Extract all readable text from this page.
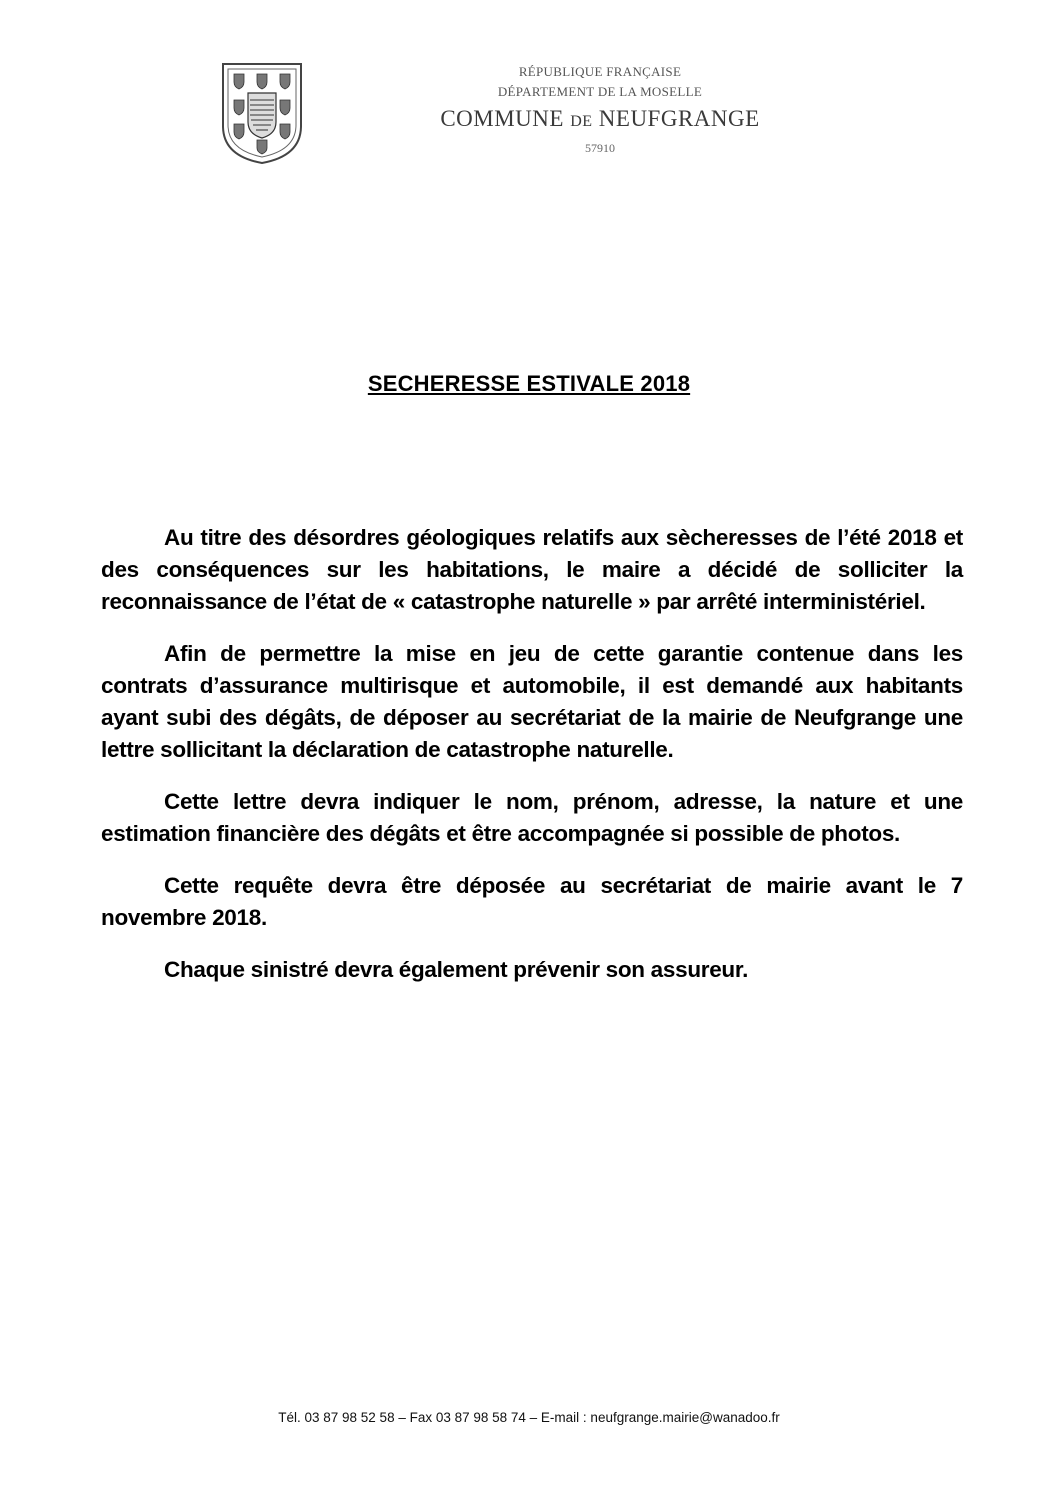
RÉPUBLIQUE FRANÇAISE
DÉPARTEMENT DE LA MOSELLE
COMMUNE DE NEUFGRANGE
57910
SECHERESSE ESTIVALE 2018

Au titre des désordres géologiques relatifs aux sècheresses de l’été 2018 et des conséquences sur les habitations, le maire a décidé de solliciter la reconnaissance de l’état de « catastrophe naturelle » par arrêté interministériel.

Afin de permettre la mise en jeu de cette garantie contenue dans les contrats d’assurance multirisque et automobile, il est demandé aux habitants ayant subi des dégâts, de déposer au secrétariat de la mairie de Neufgrange une lettre sollicitant la déclaration de catastrophe naturelle.

Cette lettre devra indiquer le nom, prénom, adresse, la nature et une estimation financière des dégâts et être accompagnée si possible de photos.

Cette requête devra être déposée au secrétariat de mairie avant le 7 novembre 2018.

Chaque sinistré devra également prévenir son assureur.

Tél. 03 87 98 52 58 – Fax 03 87 98 58 74 – E-mail : neufgrange.mairie@wanadoo.fr
